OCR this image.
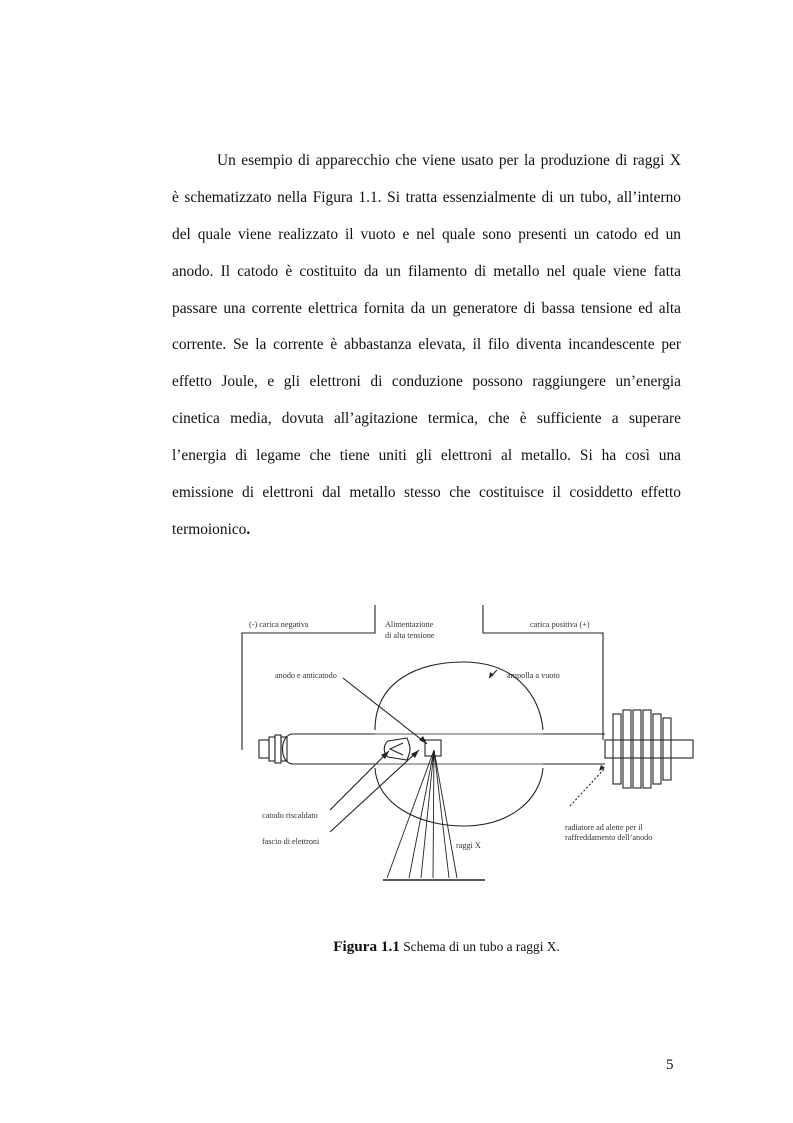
Un esempio di apparecchio che viene usato per la produzione di raggi X
è schematizzato nella Figura 1.1. Si tratta essenzialmente di un tubo, all’interno
del quale viene realizzato il vuoto e nel quale sono presenti un catodo ed un
anodo. Il catodo è costituito da un filamento di metallo nel quale viene fatta
passare una corrente elettrica fornita da un generatore di bassa tensione ed alta
corrente. Se la corrente è abbastanza elevata, il filo diventa incandescente per
effetto Joule, e gli elettroni di conduzione possono raggiungere un’energia
cinetica media, dovuta all’agitazione termica, che è sufficiente a superare
l’energia di legame che tiene uniti gli elettroni al metallo. Si ha così una
emissione di elettroni dal metallo stesso che costituisce il cosiddetto effetto
termoionico.
(-) carica negativa	Alimentazione
di alta tensione
carica positiva (+)
anodo e anticatodo	ampolla a vuoto
catodo riscaldato
fascio di elettroni	raggi X
radiatore ad alette per il
raffreddamento dell’anodo
Figura 1.1 Schema di un tubo a raggi X.
5
